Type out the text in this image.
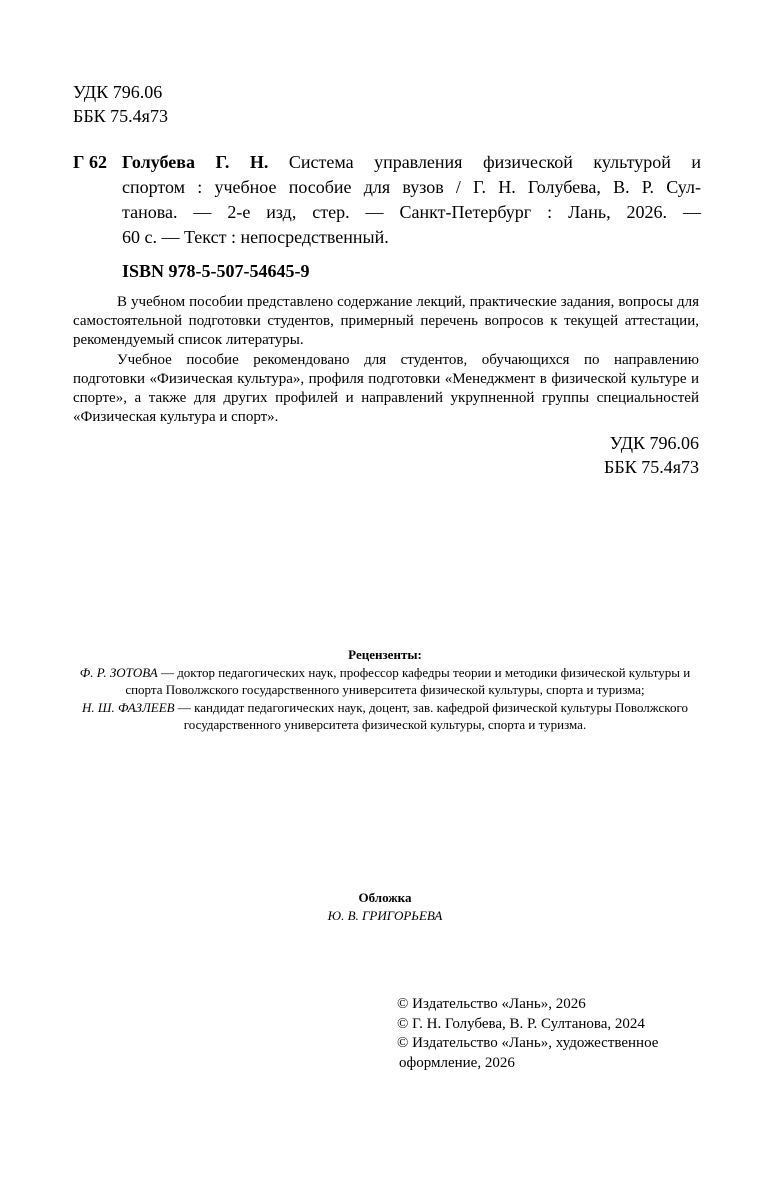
УДК 796.06
ББК 75.4я73
Г 62 Голубева Г. Н. Система управления физической культурой и
спортом : учебное пособие для вузов / Г. Н. Голубева, В. Р. Сул-
танова. — 2-е изд, стер. — Санкт-Петербург : Лань, 2026. —
60 с. — Текст : непосредственный.
ISBN 978-5-507-54645-9

В учебном пособии представлено содержание лекций, практические задания, вопросы для самостоятельной подготовки студентов, примерный перечень вопросов к текущей аттестации, рекомендуемый список литературы.

Учебное пособие рекомендовано для студентов, обучающихся по направлению подготовки «Физическая культура», профиля подготовки «Менеджмент в физической культуре и спорте», а также для других профилей и направлений укрупненной группы специальностей «Физическая культура и спорт».

УДК 796.06
ББК 75.4я73
Рецензенты:
Ф. Р. ЗОТОВА — доктор педагогических наук, профессор кафедры теории и методики физической культуры и спорта Поволжского государственного университета физической культуры, спорта и туризма;
Н. Ш. ФАЗЛЕЕВ — кандидат педагогических наук, доцент, зав. кафедрой физической культуры Поволжского государственного университета физической культуры, спорта и туризма.
Обложка
Ю. В. ГРИГОРЬЕВА
© Издательство «Лань», 2026
© Г. Н. Голубева, В. Р. Султанова, 2024
© Издательство «Лань», художественное
оформление, 2026
